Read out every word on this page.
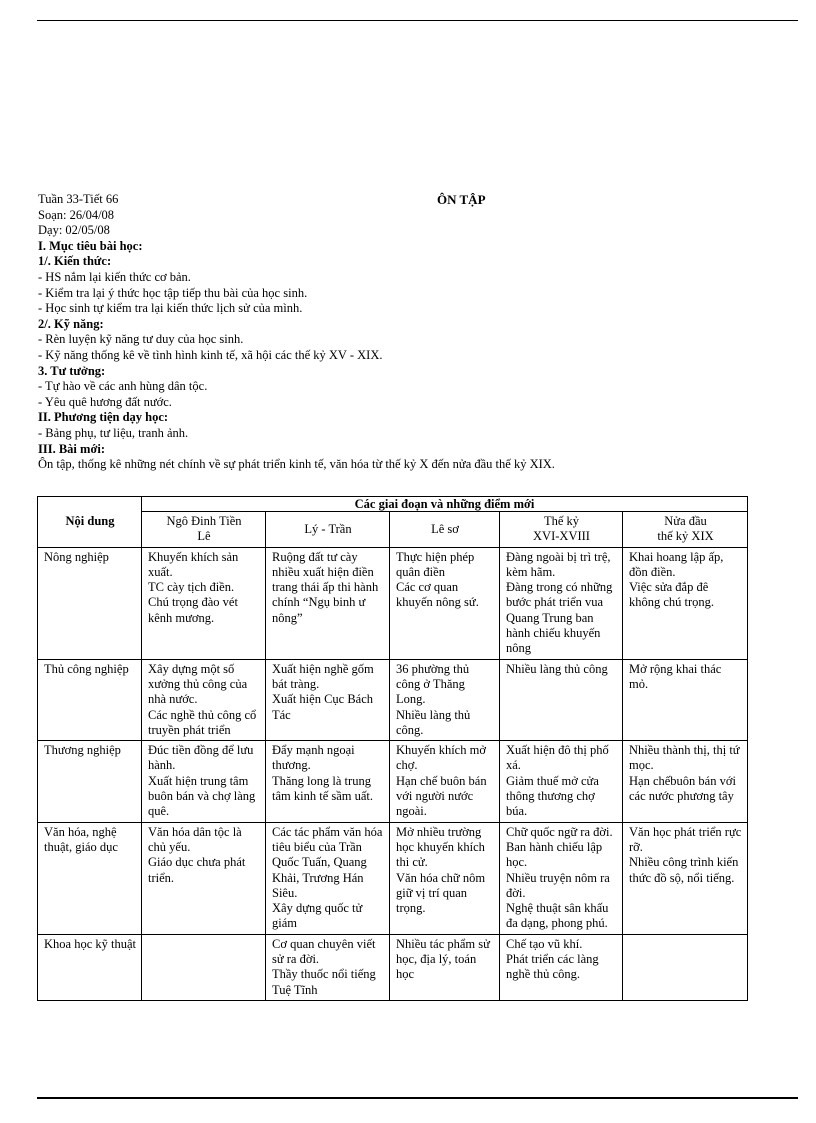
ÔN TẬP
Tuần 33-Tiết 66
Soạn: 26/04/08
Dạy: 02/05/08
I. Mục tiêu bài học:
1/. Kiến thức:
- HS nắm lại kiến thức cơ bản.
- Kiểm tra lại ý thức học tập tiếp thu bài của học sinh.
- Học sinh tự kiểm tra lại kiến thức lịch sử của mình.
2/. Kỹ năng:
- Rèn luyện kỹ năng tư duy của học sinh.
- Kỹ năng thống kê về tình hình kinh tế, xã hội các thế kỷ XV - XIX.
3. Tư tưởng:
- Tự hào về các anh hùng dân tộc.
- Yêu quê hương đất nước.
II. Phương tiện dạy học:
- Bảng phụ, tư liệu, tranh ảnh.
III. Bài mới:
Ôn tập, thống kê những nét chính về sự phát triển kinh tế, văn hóa từ thế kỷ X đến nửa đầu thế kỷ XIX.
Nội dung	Các giai đoạn và những điểm mới				

	Ngô Đinh Tiền
Lê	Lý - Trần	Lê sơ	Thế kỷ
XVI-XVIII	Nửa đầu
thế kỷ XIX

Nông nghiệp	Khuyến khích sản xuất.
TC cày tịch điền.
Chú trọng đào vét kênh mương.	Ruộng đất tư cày nhiều xuất hiện điền trang thái ấp thi hành chính “Ngụ binh ư nông”	Thực hiện phép quân điền
Các cơ quan khuyến nông sứ.	Đàng ngoài bị trì trệ, kèm hãm.
Đàng trong có những bước phát triển vua Quang Trung ban hành chiếu khuyến nông	Khai hoang lập ấp, đồn điền.
Việc sửa đắp đê không chú trọng.

Thủ công nghiệp	Xây dựng một số xưởng thủ công của nhà nước.
Các nghề thủ công cổ truyền phát triển	Xuất hiện nghề gốm bát tràng.
Xuất hiện Cục Bách Tác	36 phường thủ công ở Thăng Long.
Nhiều làng thủ công.	Nhiều làng thủ công	Mở rộng khai thác mỏ.

Thương nghiệp	Đúc tiền đồng để lưu hành.
Xuất hiện trung tâm buôn bán và chợ làng quê.	Đẩy mạnh ngoại thương.
Thăng long là trung tâm kinh tế sầm uất.	Khuyến khích mở chợ.
Hạn chế buôn bán với người nước ngoài.	Xuất hiện đô thị phố xá.
Giảm thuế mở cửa thông thương chợ búa.	Nhiều thành thị, thị tứ mọc.
Hạn chếbuôn bán với các nước phương tây

Văn hóa, nghệ thuật, giáo dục	Văn hóa dân tộc là chủ yếu.
Giáo dục chưa phát triển.	Các tác phẩm văn hóa tiêu biểu của Trần Quốc Tuấn, Quang Khải, Trương Hán Siêu.
Xây dựng quốc tử giám	Mở nhiều trường học khuyến khích thi cử.
Văn hóa chữ nôm giữ vị trí quan trọng.	Chữ quốc ngữ ra đời.
Ban hành chiếu lập học.
Nhiều truyện nôm ra đời.
Nghệ thuật sân khấu đa dạng, phong phú.	Văn học phát triển rực rỡ.
Nhiều công trình kiến thức đồ sộ, nổi tiếng.

Khoa học kỹ thuật		Cơ quan chuyên viết sử ra đời.
Thầy thuốc nổi tiếng Tuệ Tĩnh	Nhiều tác phẩm sử học, địa lý, toán học	Chế tạo vũ khí.
Phát triển các làng nghề thủ công.	
